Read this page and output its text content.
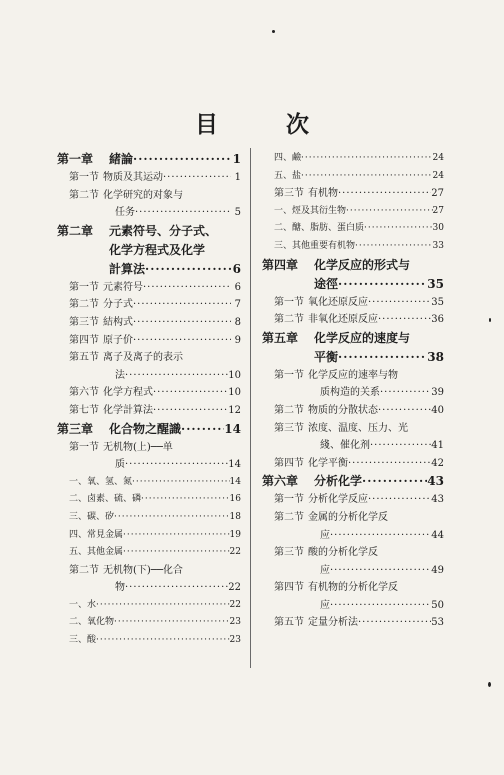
目 次
第一章	緒論 ·····	1
第一节 物质及其运动 ·····	1
第二节 化学研究的对象与
任务 ·····	5
第二章	元素符号、分子式、
化学方程式及化学
計算法 ·····	6
第一节 元素符号 ·····	6
第二节 分子式 ·····	7
第三节 結构式 ·····	8
第四节 原子价 ·····	9
第五节 离子及离子的表示
法 ·····	10
第六节 化学方程式 ·····	10
第七节 化学計算法 ·····	12
第三章	化合物之醒識 ·····	14
第一节 无机物(上)──单
质 ·····	14
一、氧、氢、氮 ·····	14
二、卤素、硫、磷 ·····	16
三、碳、矽 ·····	18
四、常見金属 ·····	19
五、其他金属 ·····	22
第二节 无机物(下)──化合
物 ·····	22
一、水 ·····	22
二、氧化物 ·····	23
三、酸 ·····	23
四、鹼 ·····	24
五、盐 ·····	24
第三节 有机物 ·····	27
一、烴及其衍生物 ·····	27
二、醣、脂肪、蛋白质 ·····	30
三、其他重要有机物 ·····	33
第四章	化学反应的形式与
途徑 ·····	35
第一节 氧化还原反应 ·····	35
第二节 非氧化还原反应 ·····	36
第五章	化学反应的速度与
平衡 ·····	38
第一节 化学反应的速率与物
质构造的关系 ·····	39
第二节 物质的分散状态 ·····	40
第三节 浓度、温度、压力、光
綫、催化剂 ·····	41
第四节 化学平衡 ·····	42
第六章	分析化学 ·····	43
第一节 分析化学反应 ·····	43
第二节 金属的分析化学反
应 ·····	44
第三节 酸的分析化学反
应 ·····	49
第四节 有机物的分析化学反
应 ·····	50
第五节 定量分析法 ·····	53
